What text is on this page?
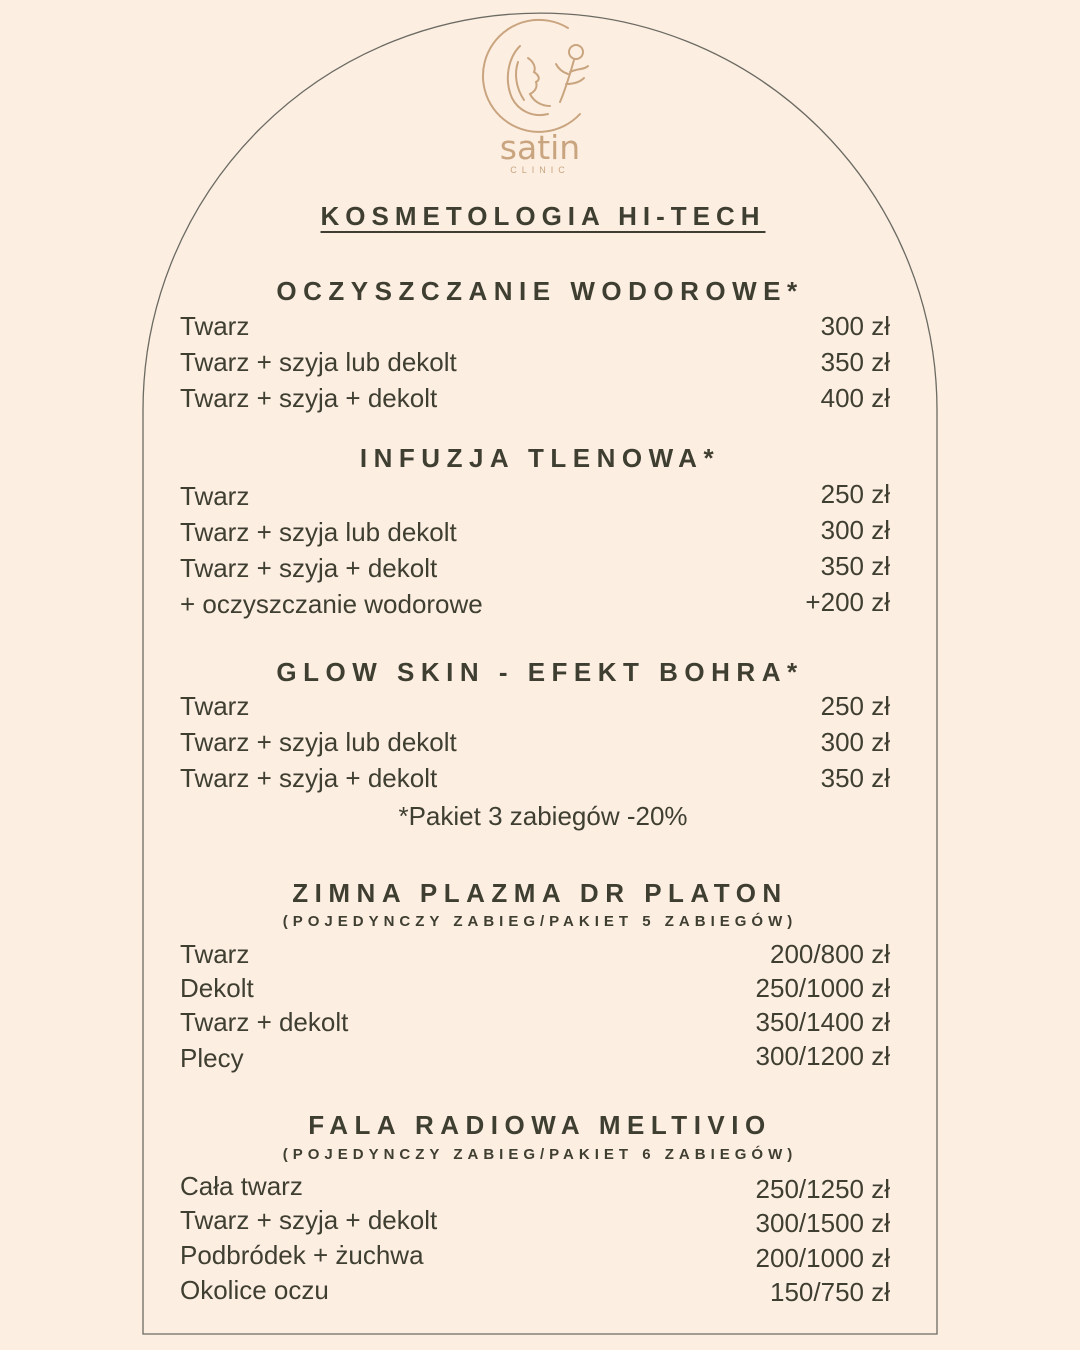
satin
CLINIC
KOSMETOLOGIA HI-TECH
OCZYSZCZANIE WODOROWE*
Twarz	300 zł
Twarz + szyja lub dekolt	350 zł
Twarz + szyja + dekolt	400 zł
INFUZJA TLENOWA*
Twarz	250 zł
Twarz + szyja lub dekolt	300 zł
Twarz + szyja + dekolt	350 zł
+ oczyszczanie wodorowe	+200 zł
GLOW SKIN - EFEKT BOHRA*
Twarz	250 zł
Twarz + szyja lub dekolt	300 zł
Twarz + szyja + dekolt	350 zł
*Pakiet 3 zabiegów -20%
ZIMNA PLAZMA DR PLATON
(POJEDYNCZY ZABIEG/PAKIET 5 ZABIEGÓW)
Twarz	200/800 zł
Dekolt	250/1000 zł
Twarz + dekolt	350/1400 zł
Plecy	300/1200 zł
FALA RADIOWA MELTIVIO
(POJEDYNCZY ZABIEG/PAKIET 6 ZABIEGÓW)
Cała twarz	250/1250 zł
Twarz + szyja + dekolt	300/1500 zł
Podbródek + żuchwa	200/1000 zł
Okolice oczu	150/750 zł
